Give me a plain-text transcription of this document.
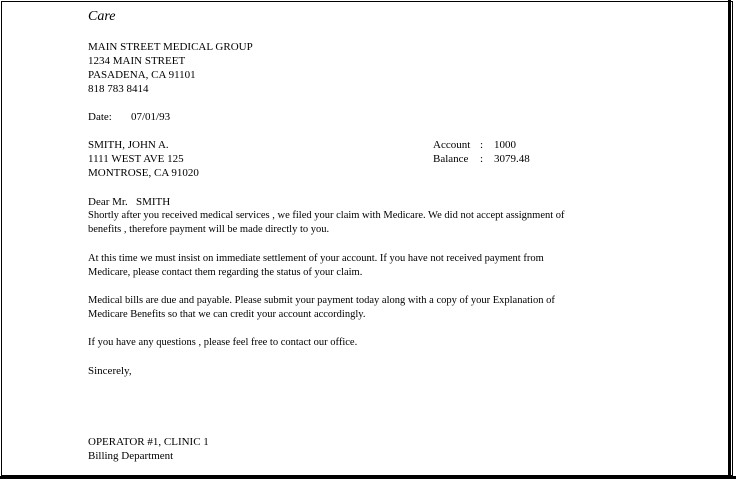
Care
MAIN STREET MEDICAL GROUP
1234 MAIN STREET
PASADENA, CA 91101
818 783 8414
Date: 07/01/93
SMITH, JOHN A.
1111 WEST AVE 125
MONTROSE, CA 91020
Account : 1000
Balance : 3079.48
Dear Mr.   SMITH
Shortly after you received medical services , we filed your claim with Medicare. We did not accept assignment of
benefits , therefore payment will be made directly to you.
At this time we must insist on immediate settlement of your account. If you have not received payment from
Medicare, please contact them regarding the status of your claim.
Medical bills are due and payable. Please submit your payment today along with a copy of your Explanation of
Medicare Benefits so that we can credit your account accordingly.
If you have any questions , please feel free to contact our office.
Sincerely,
OPERATOR #1, CLINIC 1
Billing Department
